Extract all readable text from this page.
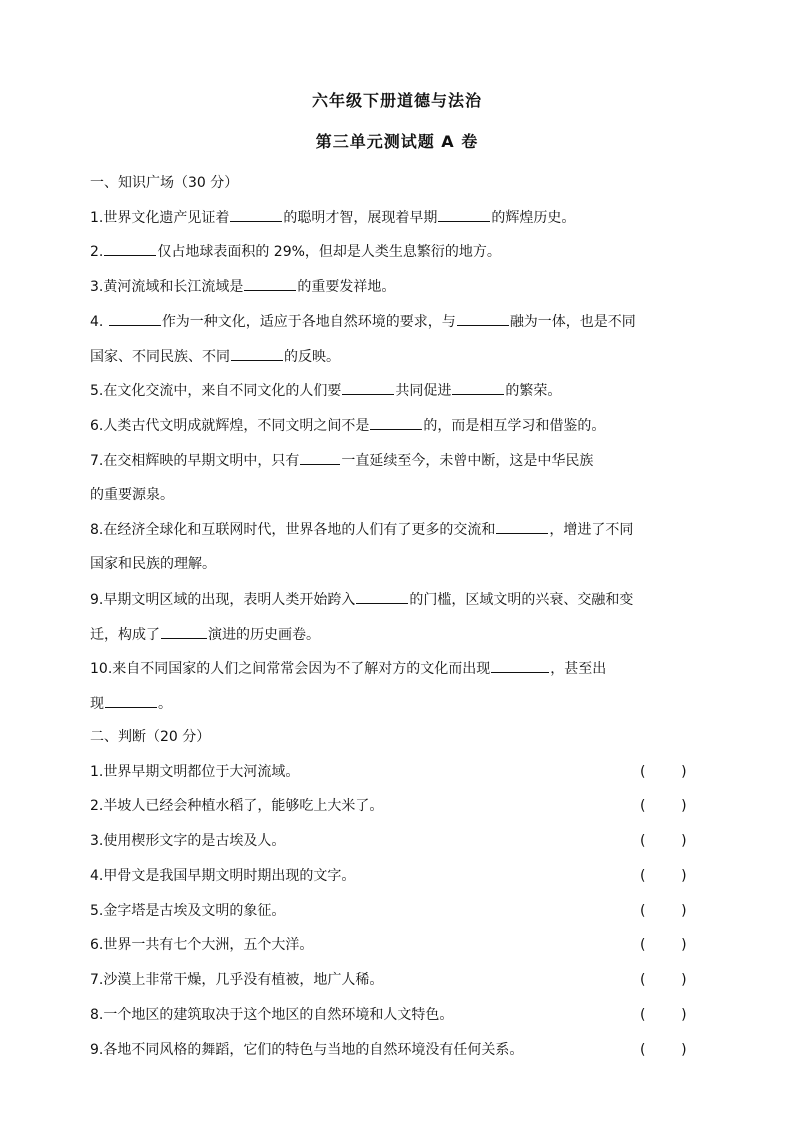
六年级下册道德与法治
第三单元测试题 A 卷
一、知识广场（30 分）
1.世界文化遗产见证着	的聪明才智，展现着早期	的辉煌历史。
2.	仅占地球表面积的 29%，但却是人类生息繁衍的地方。
3.黄河流域和长江流域是	的重要发祥地。
4.	作为一种文化，适应于各地自然环境的要求，与	融为一体，也是不同
国家、不同民族、不同	的反映。
5.在文化交流中，来自不同文化的人们要	共同促进	的繁荣。
6.人类古代文明成就辉煌，不同文明之间不是	的，而是相互学习和借鉴的。
7.在交相辉映的早期文明中，只有	一直延续至今，未曾中断，这是中华民族
的重要源泉。
8.在经济全球化和互联网时代，世界各地的人们有了更多的交流和	，增进了不同
国家和民族的理解。
9.早期文明区域的出现，表明人类开始跨入	的门槛，区域文明的兴衰、交融和变
迁，构成了	演进的历史画卷。
10.来自不同国家的人们之间常常会因为不了解对方的文化而出现	，甚至出
现	。
二、判断（20 分）
1.世界早期文明都位于大河流域。	(        )
2.半坡人已经会种植水稻了，能够吃上大米了。	(        )
3.使用楔形文字的是古埃及人。	(        )
4.甲骨文是我国早期文明时期出现的文字。	(        )
5.金字塔是古埃及文明的象征。	(        )
6.世界一共有七个大洲，五个大洋。	(        )
7.沙漠上非常干燥，几乎没有植被，地广人稀。	(        )
8.一个地区的建筑取决于这个地区的自然环境和人文特色。	(        )
9.各地不同风格的舞蹈，它们的特色与当地的自然环境没有任何关系。	(        )
